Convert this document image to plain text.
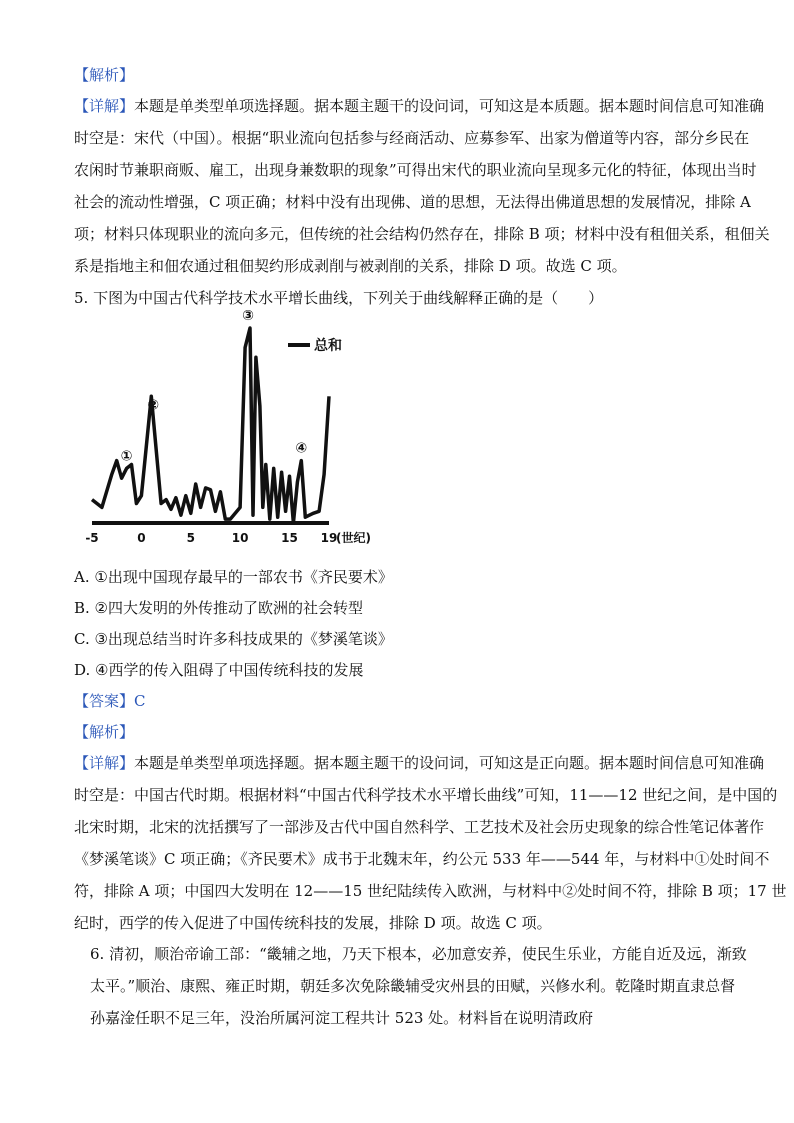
【解析】
【详解】本题是单类型单项选择题。据本题主题干的设问词，可知这是本质题。据本题时间信息可知准确
时空是：宋代（中国）。根据“职业流向包括参与经商活动、应募参军、出家为僧道等内容，部分乡民在
农闲时节兼职商贩、雇工，出现身兼数职的现象”可得出宋代的职业流向呈现多元化的特征，体现出当时
社会的流动性增强，C 项正确；材料中没有出现佛、道的思想，无法得出佛道思想的发展情况，排除 A
项；材料只体现职业的流向多元，但传统的社会结构仍然存在，排除 B 项；材料中没有租佃关系，租佃关
系是指地主和佃农通过租佃契约形成剥削与被剥削的关系，排除 D 项。故选 C 项。
5. 下图为中国古代科学技术水平增长曲线，下列关于曲线解释正确的是（　　）
①
②
③
④
总和
-5	0	5	10	15 19
(世纪)
A. ①出现中国现存最早的一部农书《齐民要术》
B. ②四大发明的外传推动了欧洲的社会转型
C. ③出现总结当时许多科技成果的《梦溪笔谈》
D. ④西学的传入阻碍了中国传统科技的发展
【答案】C
【解析】
【详解】本题是单类型单项选择题。据本题主题干的设问词，可知这是正向题。据本题时间信息可知准确
时空是：中国古代时期。根据材料“中国古代科学技术水平增长曲线”可知，11——12 世纪之间，是中国的
北宋时期，北宋的沈括撰写了一部涉及古代中国自然科学、工艺技术及社会历史现象的综合性笔记体著作
《梦溪笔谈》C 项正确；《齐民要术》成书于北魏末年，约公元 533 年——544 年，与材料中①处时间不
符，排除 A 项；中国四大发明在 12——15 世纪陆续传入欧洲，与材料中②处时间不符，排除 B 项；17 世
纪时，西学的传入促进了中国传统科技的发展，排除 D 项。故选 C 项。
6. 清初，顺治帝谕工部：“畿辅之地，乃天下根本，必加意安养，使民生乐业，方能自近及远，渐致
太平。”顺治、康熙、雍正时期，朝廷多次免除畿辅受灾州县的田赋，兴修水利。乾隆时期直隶总督
孙嘉淦任职不足三年，没治所属河淀工程共计 523 处。材料旨在说明清政府
